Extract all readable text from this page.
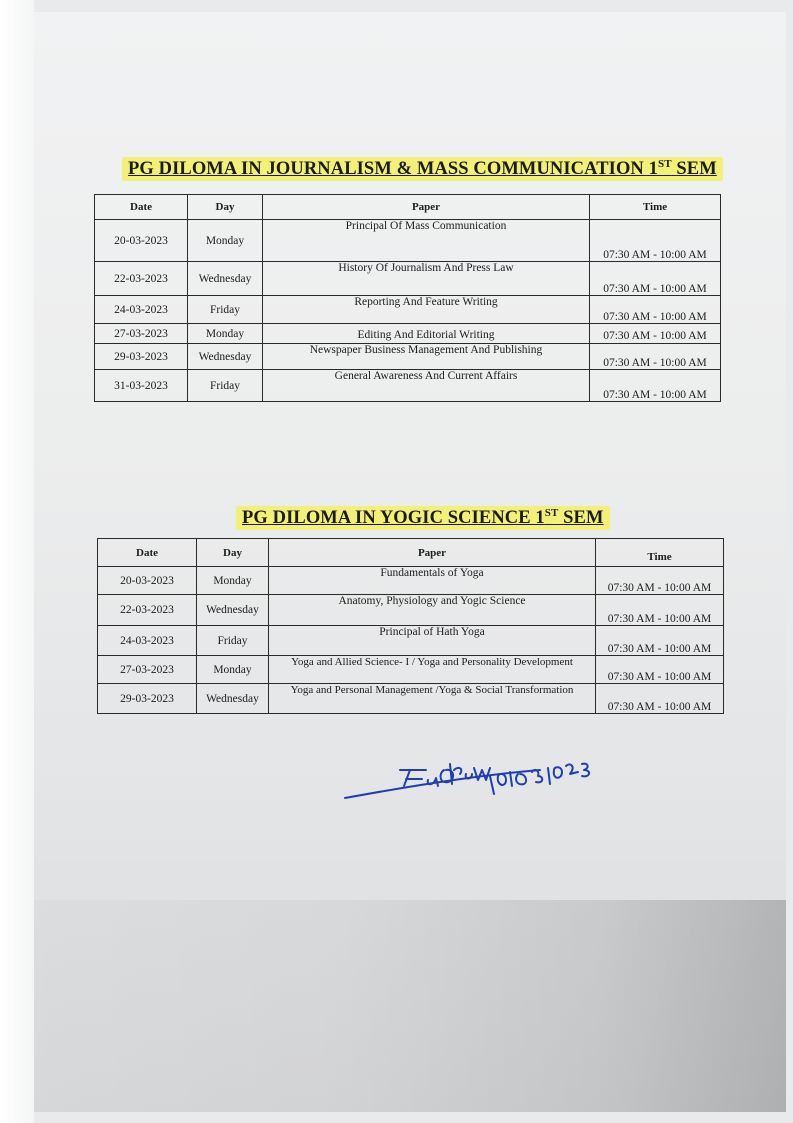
PG DILOMA IN JOURNALISM & MASS COMMUNICATION 1ST SEM
Date	Day	Paper	Time
20-03-2023	Monday	Principal Of Mass Communication	07:30 AM - 10:00 AM
22-03-2023	Wednesday	History Of Journalism And Press Law	07:30 AM - 10:00 AM
24-03-2023	Friday	Reporting And Feature Writing	07:30 AM - 10:00 AM
27-03-2023	Monday	Editing And Editorial Writing	07:30 AM - 10:00 AM
29-03-2023	Wednesday	Newspaper Business Management And Publishing	07:30 AM - 10:00 AM
31-03-2023	Friday	General Awareness And Current Affairs	07:30 AM - 10:00 AM
PG DILOMA IN YOGIC SCIENCE 1ST SEM
Date	Day	Paper	Time
20-03-2023	Monday	Fundamentals of Yoga	07:30 AM - 10:00 AM
22-03-2023	Wednesday	Anatomy, Physiology and Yogic Science	07:30 AM - 10:00 AM
24-03-2023	Friday	Principal of Hath Yoga	07:30 AM - 10:00 AM
27-03-2023	Monday	Yoga and Allied Science- I / Yoga and Personality Development	07:30 AM - 10:00 AM
29-03-2023	Wednesday	Yoga and Personal Management /Yoga & Social Transformation	07:30 AM - 10:00 AM
